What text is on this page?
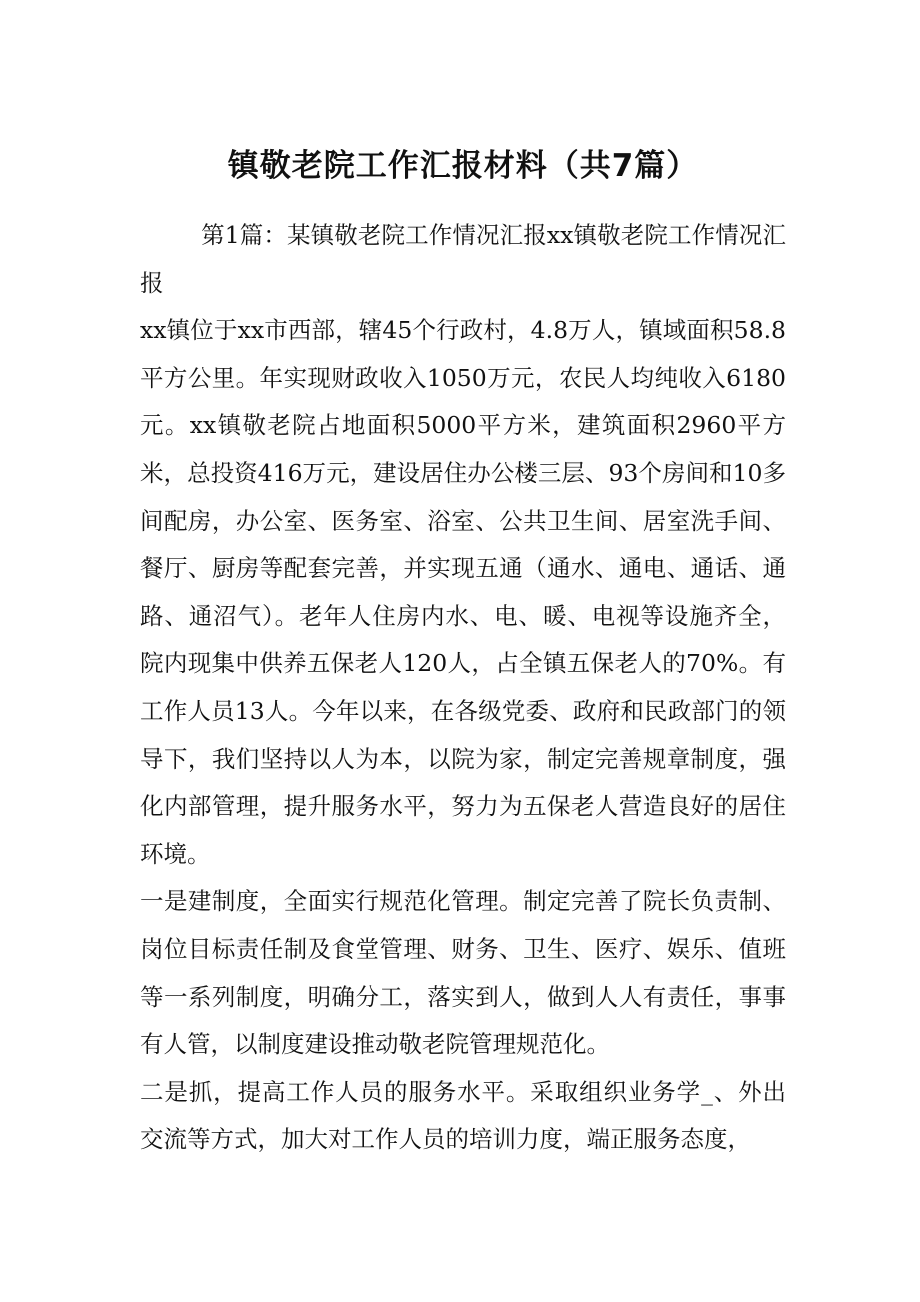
镇敬老院工作汇报材料（共7篇）

第1篇：某镇敬老院工作情况汇报xx镇敬老院工作情况汇报

xx镇位于xx市西部，辖45个行政村，4.8万人，镇域面积58.8平方公里。年实现财政收入1050万元，农民人均纯收入6180元。xx镇敬老院占地面积5000平方米，建筑面积2960平方米，总投资416万元，建设居住办公楼三层、93个房间和10多间配房，办公室、医务室、浴室、公共卫生间、居室洗手间、餐厅、厨房等配套完善，并实现五通（通水、通电、通话、通路、通沼气）。老年人住房内水、电、暖、电视等设施齐全，院内现集中供养五保老人120人，占全镇五保老人的70%。有工作人员13人。今年以来，在各级党委、政府和民政部门的领导下，我们坚持以人为本，以院为家，制定完善规章制度，强化内部管理，提升服务水平，努力为五保老人营造良好的居住环境。

一是建制度，全面实行规范化管理。制定完善了院长负责制、岗位目标责任制及食堂管理、财务、卫生、医疗、娱乐、值班等一系列制度，明确分工，落实到人，做到人人有责任，事事有人管，以制度建设推动敬老院管理规范化。

二是抓，提高工作人员的服务水平。采取组织业务学_、外出交流等方式，加大对工作人员的培训力度，端正服务态度，
